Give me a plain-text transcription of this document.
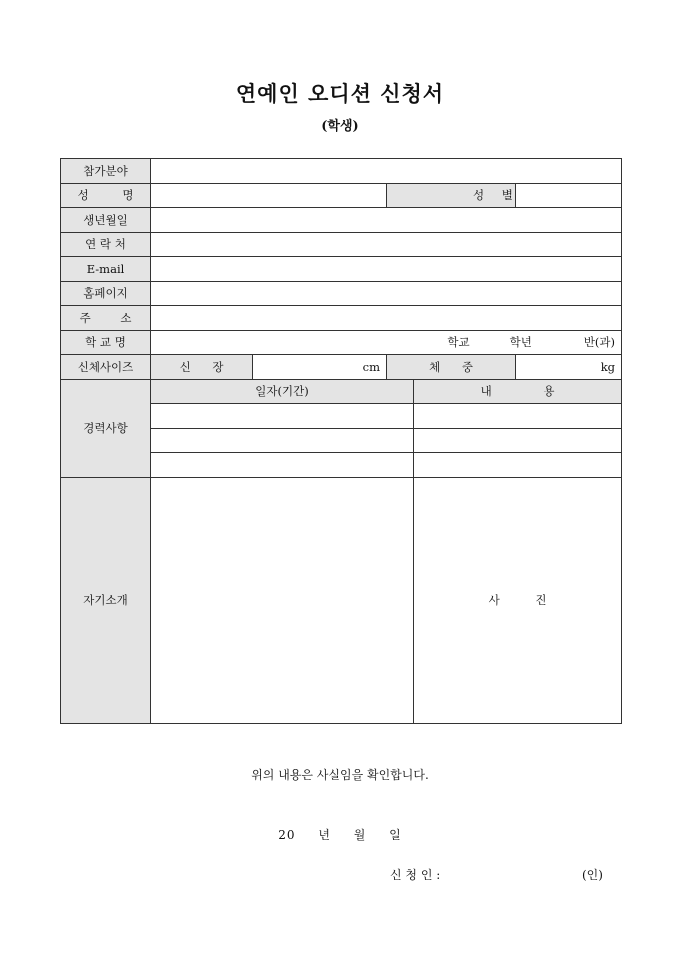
연예인 오디션 신청서
(학생)
참가분야					
성 명			성 별		
생년월일					
연 락 처					
E-mail					
홈페이지					
주 소					
학 교 명	학교 학년 반(과)				

신체사이즈	신 장	cm	체 중		kg
경력사항	일자(기간)			내 용	

자기소개				사 진	
위의 내용은 사실임을 확인합니다.
20 년 월 일
신 청 인 :	(인)
